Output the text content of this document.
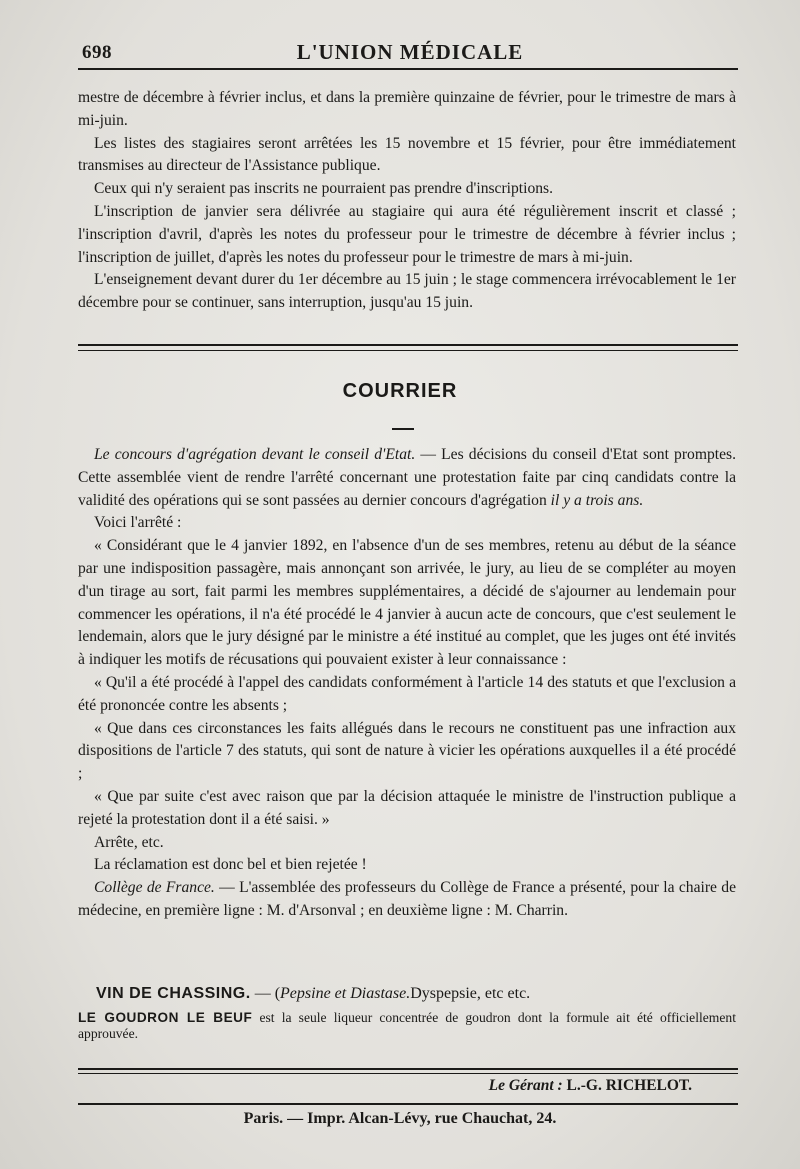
698	L'UNION MÉDICALE

mestre de décembre à février inclus, et dans la première quinzaine de février, pour le trimestre de mars à mi-juin.

Les listes des stagiaires seront arrêtées les 15 novembre et 15 février, pour être immédiatement transmises au directeur de l'Assistance publique.

Ceux qui n'y seraient pas inscrits ne pourraient pas prendre d'inscriptions.

L'inscription de janvier sera délivrée au stagiaire qui aura été régulièrement inscrit et classé ; l'inscription d'avril, d'après les notes du professeur pour le trimestre de décembre à février inclus ; l'inscription de juillet, d'après les notes du professeur pour le trimestre de mars à mi-juin.

L'enseignement devant durer du 1er décembre au 15 juin ; le stage commencera irrévocablement le 1er décembre pour se continuer, sans interruption, jusqu'au 15 juin.

COURRIER

Le concours d'agrégation devant le conseil d'Etat. — Les décisions du conseil d'Etat sont promptes. Cette assemblée vient de rendre l'arrêté concernant une protestation faite par cinq candidats contre la validité des opérations qui se sont passées au dernier concours d'agrégation il y a trois ans.

Voici l'arrêté :

« Considérant que le 4 janvier 1892, en l'absence d'un de ses membres, retenu au début de la séance par une indisposition passagère, mais annonçant son arrivée, le jury, au lieu de se compléter au moyen d'un tirage au sort, fait parmi les membres supplémentaires, a décidé de s'ajourner au lendemain pour commencer les opérations, il n'a été procédé le 4 janvier à aucun acte de concours, que c'est seulement le lendemain, alors que le jury désigné par le ministre a été institué au complet, que les juges ont été invités à indiquer les motifs de récusations qui pouvaient exister à leur connaissance :

« Qu'il a été procédé à l'appel des candidats conformément à l'article 14 des statuts et que l'exclusion a été prononcée contre les absents ;

« Que dans ces circonstances les faits allégués dans le recours ne constituent pas une infraction aux dispositions de l'article 7 des statuts, qui sont de nature à vicier les opérations auxquelles il a été procédé ;

« Que par suite c'est avec raison que par la décision attaquée le ministre de l'instruction publique a rejeté la protestation dont il a été saisi. »

Arrête, etc.

La réclamation est donc bel et bien rejetée !

Collège de France. — L'assemblée des professeurs du Collège de France a présenté, pour la chaire de médecine, en première ligne : M. d'Arsonval ; en deuxième ligne : M. Charrin.

VIN DE CHASSING. — (Pepsine et Diastase.Dyspepsie, etc etc.
LE GOUDRON LE BEUF est la seule liqueur concentrée de goudron dont la formule ait été officiellement approuvée.
Le Gérant : L.-G. RICHELOT.
Paris. — Impr. Alcan-Lévy, rue Chauchat, 24.
